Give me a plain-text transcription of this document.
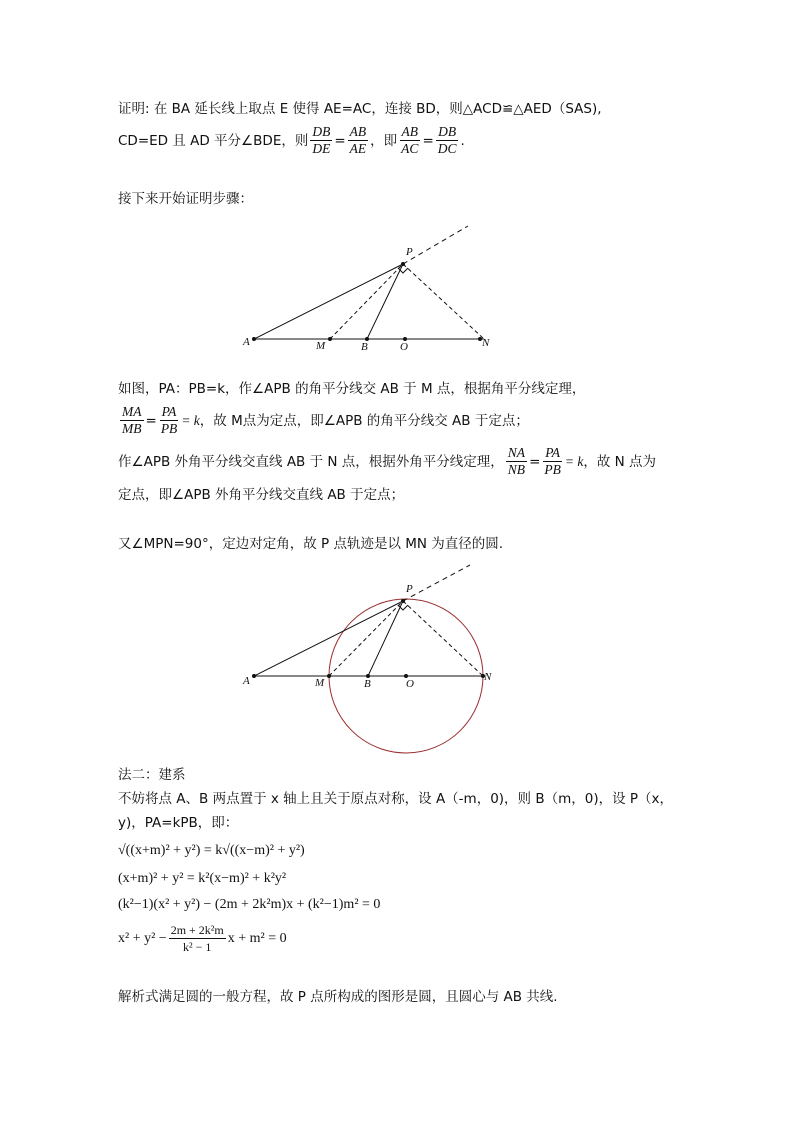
证明: 在 BA 延长线上取点 E 使得 AE=AC，连接 BD，则△ACD≌△AED（SAS),
CD=ED 且 AD 平分∠BDE，则 $\frac{DB}{DE} = \frac{AB}{AE}$ ，即 $\frac{AB}{AC} = \frac{DB}{DC}$ .
接下来开始证明步骤：
P
A	M	B	O	N
如图，PA：PB=k，作∠APB 的角平分线交 AB 于 M 点，根据角平分线定理，
$\frac{MA}{MB} = \frac{PA}{PB} = k$ ，故 M点为定点，即∠APB 的角平分线交 AB 于定点；
作∠APB 外角平分线交直线 AB 于 N 点，根据外角平分线定理， $\frac{NA}{NB} = \frac{PA}{PB} = k$ ，故 N 点为
定点，即∠APB 外角平分线交直线 AB 于定点；
又∠MPN=90°，定边对定角，故 P 点轨迹是以 MN 为直径的圆.
P
A	M	B	O
N
法二：建系
不妨将点 A、B 两点置于 x 轴上且关于原点对称，设 A（-m，0)，则 B（m，0)，设 P（x，
y)，PA=kPB，即：
√((x+m)² + y²) = k√((x−m)² + y²)
(x+m)² + y² = k²(x−m)² + k²y²
(k²−1)(x² + y²) − (2m + 2k²m)x + (k²−1)m² = 0
$x^2 + y^2 - \frac{\text{2m + 2k²m}}{\text{k² − 1}}$ x + m² = 0
解析式满足圆的一般方程，故 P 点所构成的图形是圆，且圆心与 AB 共线.
